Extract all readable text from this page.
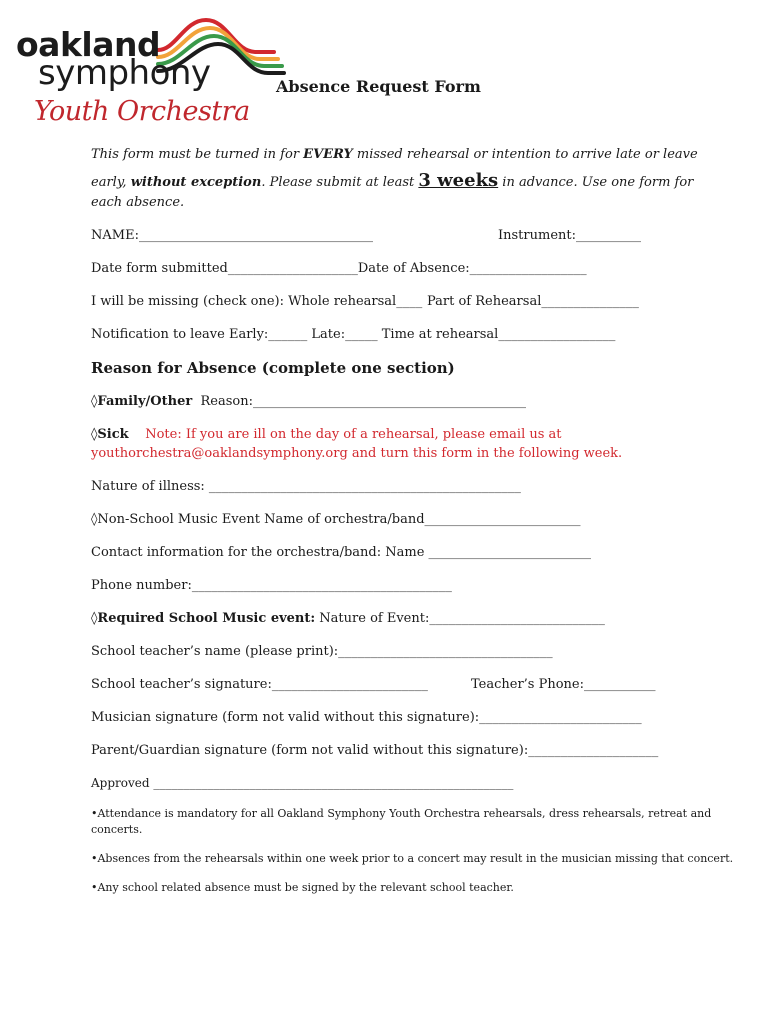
oakland
symphony
Youth Orchestra
Absence Request Form
This form must be turned in for EVERY missed rehearsal or intention to arrive late or leave
early, without exception. Please submit at least 3 weeks in advance. Use one form for
each absence.
NAME:____________________________________	Instrument:__________
Date form submitted____________________Date of Absence:__________________
I will be missing (check one): Whole rehearsal____ Part of Rehearsal_______________
Notification to leave Early:______ Late:_____ Time at rehearsal__________________
Reason for Absence (complete one section)
◊Family/Other Reason:__________________________________________
◊Sick Note: If you are ill on the day of a rehearsal, please email us at
youthorchestra@oaklandsymphony.org and turn this form in the following week.
Nature of illness: ________________________________________________
◊Non-School Music Event Name of orchestra/band________________________
Contact information for the orchestra/band: Name _________________________
Phone number:________________________________________
◊Required School Music event: Nature of Event:___________________________
School teacher’s name (please print):_________________________________
School teacher’s signature:________________________	Teacher’s Phone:___________
Musician signature (form not valid without this signature):_________________________
Parent/Guardian signature (form not valid without this signature):____________________
Approved ____________________________________________________________
•Attendance is mandatory for all Oakland Symphony Youth Orchestra rehearsals, dress rehearsals, retreat and
concerts.
•Absences from the rehearsals within one week prior to a concert may result in the musician missing that concert.
•Any school related absence must be signed by the relevant school teacher.
